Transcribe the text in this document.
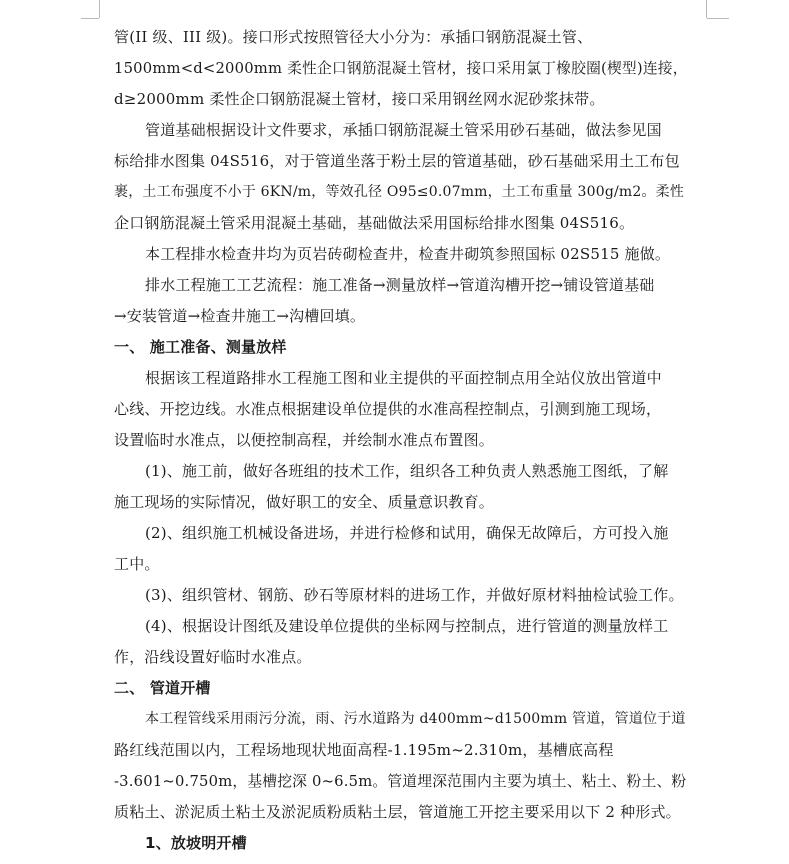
管(II 级、III 级)。接口形式按照管径大小分为：承插口钢筋混凝土管、
1500mm<d<2000mm 柔性企口钢筋混凝土管材，接口采用氯丁橡胶圈(楔型)连接，
d≥2000mm 柔性企口钢筋混凝土管材，接口采用钢丝网水泥砂浆抹带。
管道基础根据设计文件要求，承插口钢筋混凝土管采用砂石基础，做法参见国
标给排水图集 04S516，对于管道坐落于粉土层的管道基础，砂石基础采用土工布包
裹，土工布强度不小于 6KN/m，等效孔径 O95≤0.07mm，土工布重量 300g/m2。柔性
企口钢筋混凝土管采用混凝土基础，基础做法采用国标给排水图集 04S516。
本工程排水检查井均为页岩砖砌检查井，检查井砌筑参照国标 02S515 施做。
排水工程施工工艺流程：施工准备→测量放样→管道沟槽开挖→铺设管道基础
→安装管道→检查井施工→沟槽回填。
一、 施工准备、测量放样
根据该工程道路排水工程施工图和业主提供的平面控制点用全站仪放出管道中
心线、开挖边线。水准点根据建设单位提供的水准高程控制点，引测到施工现场，
设置临时水准点，以便控制高程，并绘制水准点布置图。
(1)、施工前，做好各班组的技术工作，组织各工种负责人熟悉施工图纸，了解
施工现场的实际情况，做好职工的安全、质量意识教育。
(2)、组织施工机械设备进场，并进行检修和试用，确保无故障后，方可投入施
工中。
(3)、组织管材、钢筋、砂石等原材料的进场工作，并做好原材料抽检试验工作。
(4)、根据设计图纸及建设单位提供的坐标网与控制点，进行管道的测量放样工
作，沿线设置好临时水准点。
二、 管道开槽
本工程管线采用雨污分流，雨、污水道路为 d400mm~d1500mm 管道，管道位于道
路红线范围以内，工程场地现状地面高程-1.195m~2.310m，基槽底高程
-3.601~0.750m，基槽挖深 0~6.5m。管道埋深范围内主要为填土、粘土、粉土、粉
质粘土、淤泥质土粘土及淤泥质粉质粘土层，管道施工开挖主要采用以下 2 种形式。
1、放坡明开槽
